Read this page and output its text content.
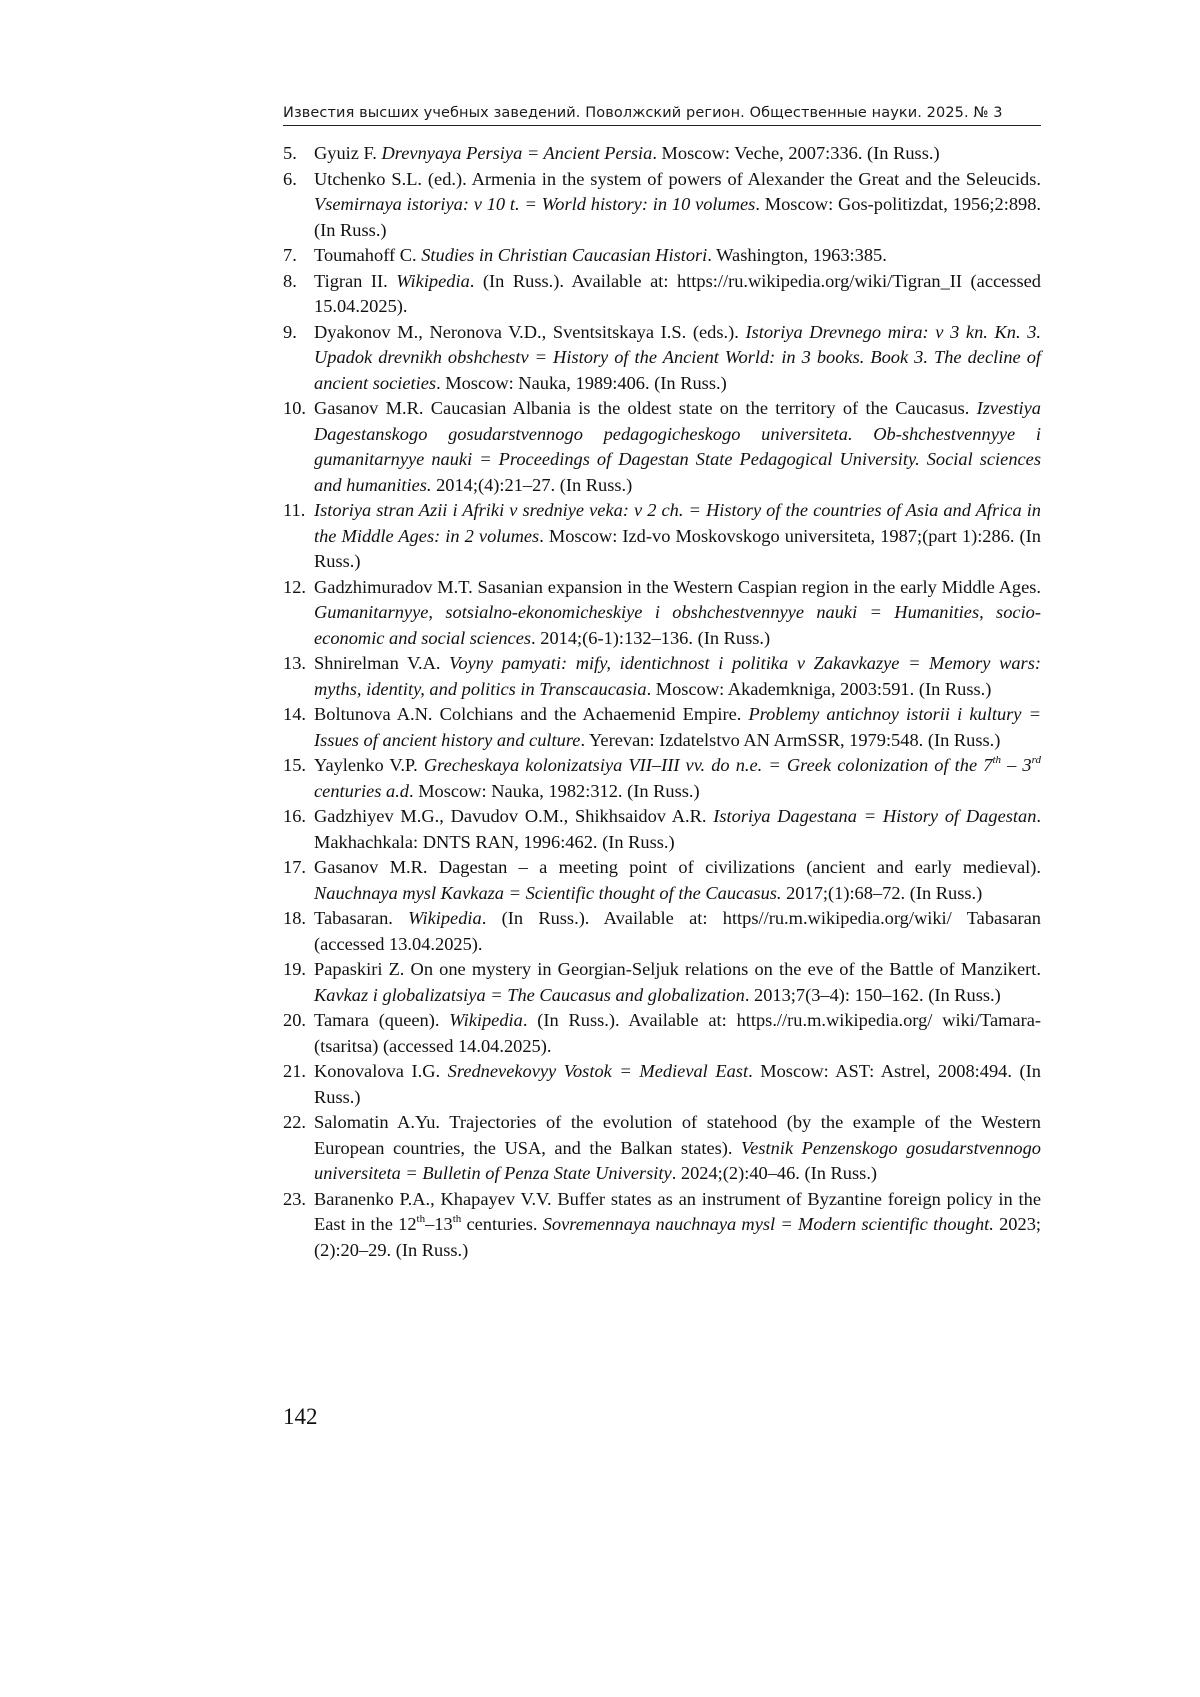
Известия высших учебных заведений. Поволжский регион. Общественные науки. 2025. № 3
5. Gyuiz F. Drevnyaya Persiya = Ancient Persia. Moscow: Veche, 2007:336. (In Russ.)
6. Utchenko S.L. (ed.). Armenia in the system of powers of Alexander the Great and the Seleucids. Vsemirnaya istoriya: v 10 t. = World history: in 10 volumes. Moscow: Gos-politizdat, 1956;2:898. (In Russ.)
7. Toumahoff C. Studies in Christian Caucasian Histori. Washington, 1963:385.
8. Tigran II. Wikipedia. (In Russ.). Available at: https://ru.wikipedia.org/wiki/Tigran_II (accessed 15.04.2025).
9. Dyakonov M., Neronova V.D., Sventsitskaya I.S. (eds.). Istoriya Drevnego mira: v 3 kn. Kn. 3. Upadok drevnikh obshchestv = History of the Ancient World: in 3 books. Book 3. The decline of ancient societies. Moscow: Nauka, 1989:406. (In Russ.)
10. Gasanov M.R. Caucasian Albania is the oldest state on the territory of the Caucasus. Izvestiya Dagestanskogo gosudarstvennogo pedagogicheskogo universiteta. Ob-shchestvennyye i gumanitarnyye nauki = Proceedings of Dagestan State Pedagogical University. Social sciences and humanities. 2014;(4):21–27. (In Russ.)
11. Istoriya stran Azii i Afriki v sredniye veka: v 2 ch. = History of the countries of Asia and Africa in the Middle Ages: in 2 volumes. Moscow: Izd-vo Moskovskogo universiteta, 1987;(part 1):286. (In Russ.)
12. Gadzhimuradov M.T. Sasanian expansion in the Western Caspian region in the early Middle Ages. Gumanitarnyye, sotsialno-ekonomicheskiye i obshchestvennyye nauki = Humanities, socio-economic and social sciences. 2014;(6-1):132–136. (In Russ.)
13. Shnirelman V.A. Voyny pamyati: mify, identichnost i politika v Zakavkazye = Memory wars: myths, identity, and politics in Transcaucasia. Moscow: Akademkniga, 2003:591. (In Russ.)
14. Boltunova A.N. Colchians and the Achaemenid Empire. Problemy antichnoy istorii i kultury = Issues of ancient history and culture. Yerevan: Izdatelstvo AN ArmSSR, 1979:548. (In Russ.)
15. Yaylenko V.P. Grecheskaya kolonizatsiya VII–III vv. do n.e. = Greek colonization of the 7th – 3rd centuries a.d. Moscow: Nauka, 1982:312. (In Russ.)
16. Gadzhiyev M.G., Davudov O.M., Shikhsaidov A.R. Istoriya Dagestana = History of Dagestan. Makhachkala: DNTS RAN, 1996:462. (In Russ.)
17. Gasanov M.R. Dagestan – a meeting point of civilizations (ancient and early medieval). Nauchnaya mysl Kavkaza = Scientific thought of the Caucasus. 2017;(1):68–72. (In Russ.)
18. Tabasaran. Wikipedia. (In Russ.). Available at: https//ru.m.wikipedia.org/wiki/ Tabasaran (accessed 13.04.2025).
19. Papaskiri Z. On one mystery in Georgian-Seljuk relations on the eve of the Battle of Manzikert. Kavkaz i globalizatsiya = The Caucasus and globalization. 2013;7(3–4): 150–162. (In Russ.)
20. Tamara (queen). Wikipedia. (In Russ.). Available at: https.//ru.m.wikipedia.org/ wiki/Tamara-(tsaritsa) (accessed 14.04.2025).
21. Konovalova I.G. Srednevekovyy Vostok = Medieval East. Moscow: AST: Astrel, 2008:494. (In Russ.)
22. Salomatin A.Yu. Trajectories of the evolution of statehood (by the example of the Western European countries, the USA, and the Balkan states). Vestnik Penzenskogo gosudarstvennogo universiteta = Bulletin of Penza State University. 2024;(2):40–46. (In Russ.)
23. Baranenko P.A., Khapayev V.V. Buffer states as an instrument of Byzantine foreign policy in the East in the 12th–13th centuries. Sovremennaya nauchnaya mysl = Modern scientific thought. 2023;(2):20–29. (In Russ.)
142
